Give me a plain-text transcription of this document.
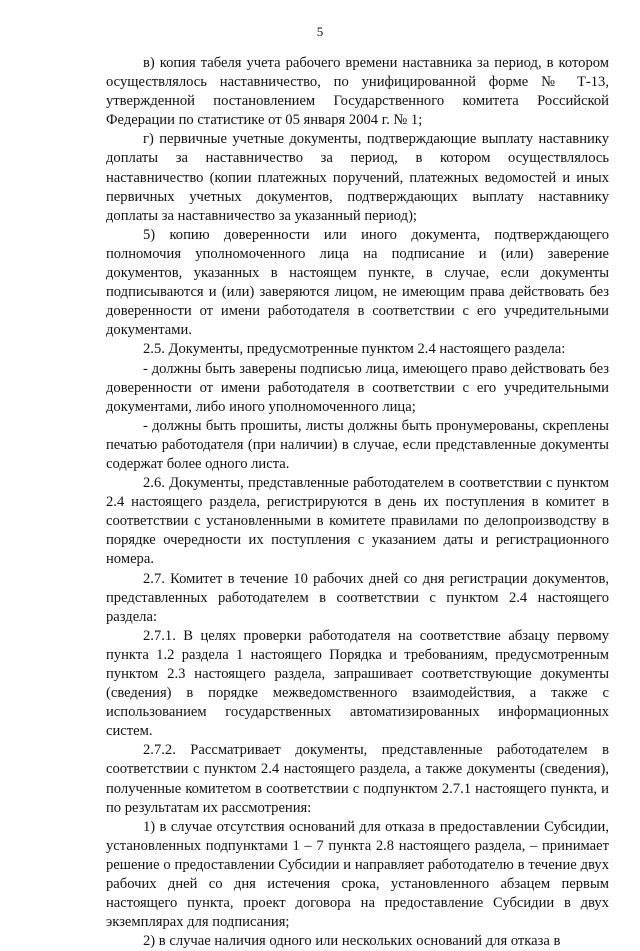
5

в) копия табеля учета рабочего времени наставника за период, в котором осуществлялось наставничество, по унифицированной форме № Т-13, утвержденной постановлением Государственного комитета Российской Федерации по статистике от 05 января 2004 г. № 1;

г) первичные учетные документы, подтверждающие выплату наставнику доплаты за наставничество за период, в котором осуществлялось наставничество (копии платежных поручений, платежных ведомостей и иных первичных учетных документов, подтверждающих выплату наставнику доплаты за наставничество за указанный период);

5) копию доверенности или иного документа, подтверждающего полномочия уполномоченного лица на подписание и (или) заверение документов, указанных в настоящем пункте, в случае, если документы подписываются и (или) заверяются лицом, не имеющим права действовать без доверенности от имени работодателя в соответствии с его учредительными документами.

2.5. Документы, предусмотренные пунктом 2.4 настоящего раздела:

- должны быть заверены подписью лица, имеющего право действовать без доверенности от имени работодателя в соответствии с его учредительными документами, либо иного уполномоченного лица;

- должны быть прошиты, листы должны быть пронумерованы, скреплены печатью работодателя (при наличии) в случае, если представленные документы содержат более одного листа.

2.6. Документы, представленные работодателем в соответствии с пунктом 2.4 настоящего раздела, регистрируются в день их поступления в комитет в соответствии с установленными в комитете правилами по делопроизводству в порядке очередности их поступления с указанием даты и регистрационного номера.

2.7. Комитет в течение 10 рабочих дней со дня регистрации документов, представленных работодателем в соответствии с пунктом 2.4 настоящего раздела:

2.7.1. В целях проверки работодателя на соответствие абзацу первому пункта 1.2 раздела 1 настоящего Порядка и требованиям, предусмотренным пунктом 2.3 настоящего раздела, запрашивает соответствующие документы (сведения) в порядке межведомственного взаимодействия, а также с использованием государственных автоматизированных информационных систем.

2.7.2. Рассматривает документы, представленные работодателем в соответствии с пунктом 2.4 настоящего раздела, а также документы (сведения), полученные комитетом в соответствии с подпунктом 2.7.1 настоящего пункта, и по результатам их рассмотрения:

1) в случае отсутствия оснований для отказа в предоставлении Субсидии, установленных подпунктами 1 – 7 пункта 2.8 настоящего раздела, – принимает решение о предоставлении Субсидии и направляет работодателю в течение двух рабочих дней со дня истечения срока, установленного абзацем первым настоящего пункта, проект договора на предоставление Субсидии в двух экземплярах для подписания;

2) в случае наличия одного или нескольких оснований для отказа в
